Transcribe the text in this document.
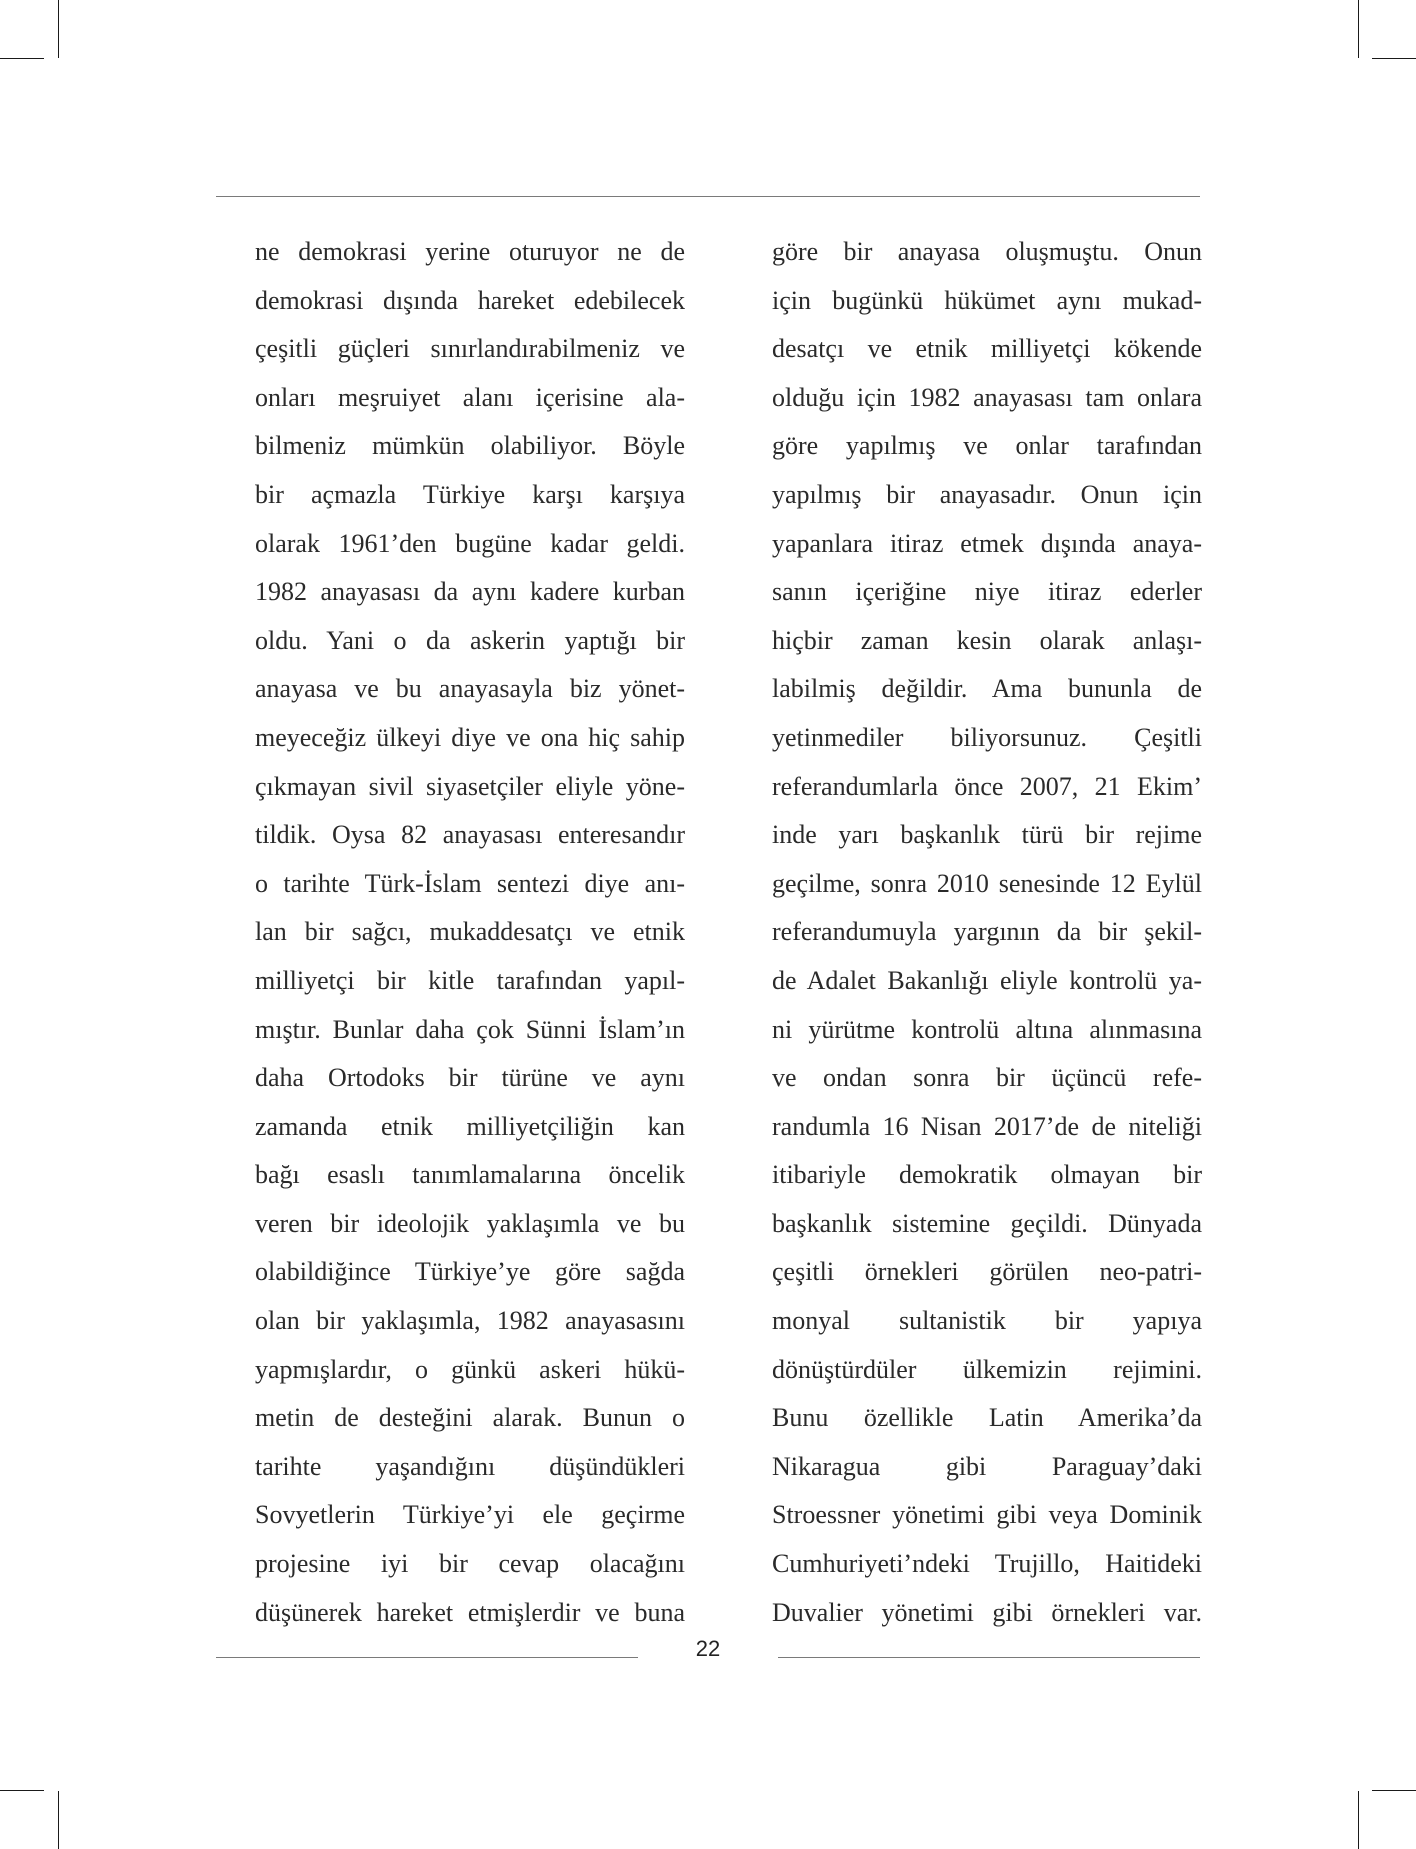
ne demokrasi yerine oturuyor ne de
demokrasi dışında hareket edebilecek
çeşitli güçleri sınırlandırabilmeniz ve
onları meşruiyet alanı içerisine ala-
bilmeniz mümkün olabiliyor. Böyle
bir açmazla Türkiye karşı karşıya
olarak 1961’den bugüne kadar geldi.
1982 anayasası da aynı kadere kurban
oldu. Yani o da askerin yaptığı bir
anayasa ve bu anayasayla biz yönet-
meyeceğiz ülkeyi diye ve ona hiç sahip
çıkmayan sivil siyasetçiler eliyle yöne-
tildik. Oysa 82 anayasası enteresandır
o tarihte Türk-İslam sentezi diye anı-
lan bir sağcı, mukaddesatçı ve etnik
milliyetçi bir kitle tarafından yapıl-
mıştır. Bunlar daha çok Sünni İslam’ın
daha Ortodoks bir türüne ve aynı
zamanda etnik milliyetçiliğin kan
bağı esaslı tanımlamalarına öncelik
veren bir ideolojik yaklaşımla ve bu
olabildiğince Türkiye’ye göre sağda
olan bir yaklaşımla, 1982 anayasasını
yapmışlardır, o günkü askeri hükü-
metin de desteğini alarak. Bunun o
tarihte yaşandığını düşündükleri
Sovyetlerin Türkiye’yi ele geçirme
projesine iyi bir cevap olacağını
düşünerek hareket etmişlerdir ve buna
göre bir anayasa oluşmuştu. Onun
için bugünkü hükümet aynı mukad-
desatçı ve etnik milliyetçi kökende
olduğu için 1982 anayasası tam onlara
göre yapılmış ve onlar tarafından
yapılmış bir anayasadır. Onun için
yapanlara itiraz etmek dışında anaya-
sanın içeriğine niye itiraz ederler
hiçbir zaman kesin olarak anlaşı-
labilmiş değildir. Ama bununla de
yetinmediler biliyorsunuz. Çeşitli
referandumlarla önce 2007, 21 Ekim’
inde yarı başkanlık türü bir rejime
geçilme, sonra 2010 senesinde 12 Eylül
referandumuyla yargının da bir şekil-
de Adalet Bakanlığı eliyle kontrolü ya-
ni yürütme kontrolü altına alınmasına
ve ondan sonra bir üçüncü refe-
randumla 16 Nisan 2017’de de niteliği
itibariyle demokratik olmayan bir
başkanlık sistemine geçildi. Dünyada
çeşitli örnekleri görülen neo-patri-
monyal sultanistik bir yapıya
dönüştürdüler ülkemizin rejimini.
Bunu özellikle Latin Amerika’da
Nikaragua gibi Paraguay’daki
Stroessner yönetimi gibi veya Dominik
Cumhuriyeti’ndeki Trujillo, Haitideki
Duvalier yönetimi gibi örnekleri var.
22
